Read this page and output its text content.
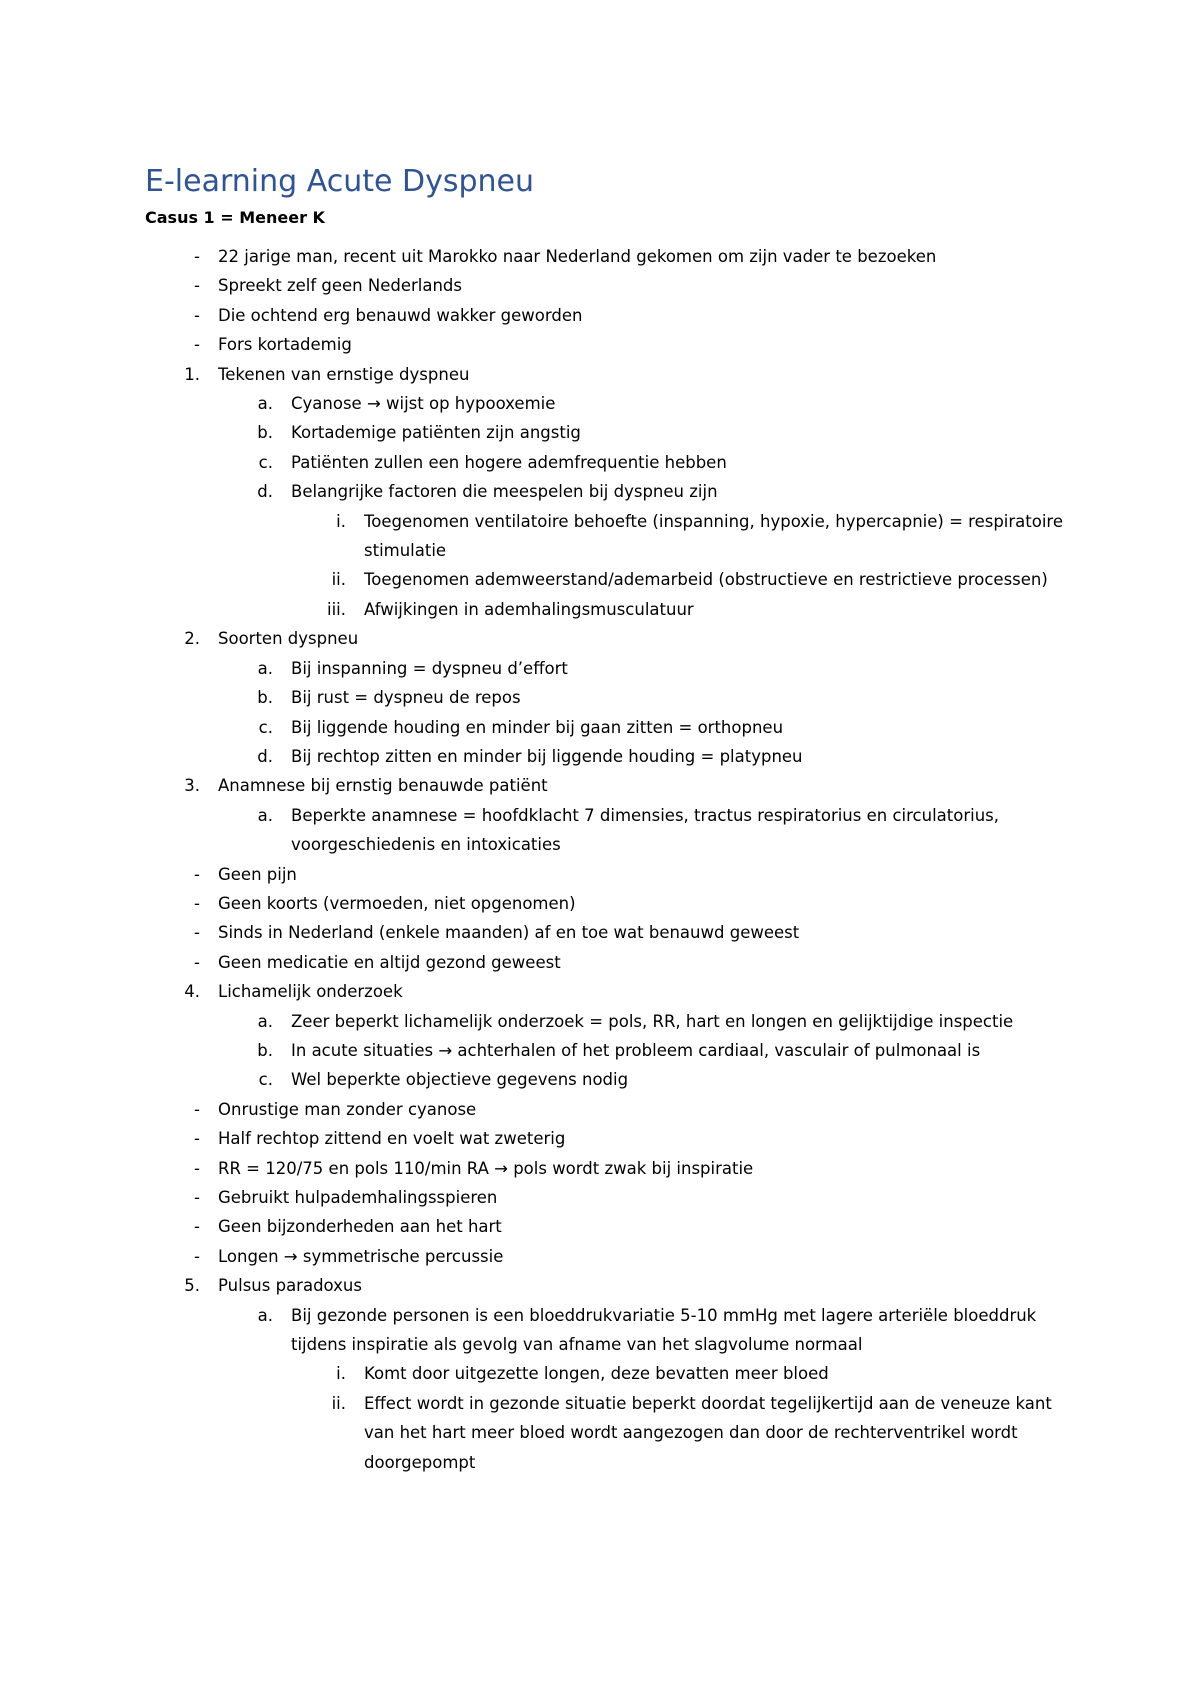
E-learning Acute Dyspneu
Casus 1 = Meneer K
-	22 jarige man, recent uit Marokko naar Nederland gekomen om zijn vader te bezoeken
-	Spreekt zelf geen Nederlands
-	Die ochtend erg benauwd wakker geworden
-	Fors kortademig
1.	Tekenen van ernstige dyspneu
a.	Cyanose → wijst op hypooxemie
b.	Kortademige patiënten zijn angstig
c.	Patiënten zullen een hogere ademfrequentie hebben
d.	Belangrijke factoren die meespelen bij dyspneu zijn
i.	Toegenomen ventilatoire behoefte (inspanning, hypoxie, hypercapnie) = respiratoire stimulatie
ii.	Toegenomen ademweerstand/ademarbeid (obstructieve en restrictieve processen)
iii.	Afwijkingen in ademhalingsmusculatuur
2.	Soorten dyspneu
a.	Bij inspanning = dyspneu d’effort
b.	Bij rust = dyspneu de repos
c.	Bij liggende houding en minder bij gaan zitten = orthopneu
d.	Bij rechtop zitten en minder bij liggende houding = platypneu
3.	Anamnese bij ernstig benauwde patiënt
a.	Beperkte anamnese = hoofdklacht 7 dimensies, tractus respiratorius en circulatorius, voorgeschiedenis en intoxicaties
-	Geen pijn
-	Geen koorts (vermoeden, niet opgenomen)
-	Sinds in Nederland (enkele maanden) af en toe wat benauwd geweest
-	Geen medicatie en altijd gezond geweest
4.	Lichamelijk onderzoek
a.	Zeer beperkt lichamelijk onderzoek = pols, RR, hart en longen en gelijktijdige inspectie
b.	In acute situaties → achterhalen of het probleem cardiaal, vasculair of pulmonaal is
c.	Wel beperkte objectieve gegevens nodig
-	Onrustige man zonder cyanose
-	Half rechtop zittend en voelt wat zweterig
-	RR = 120/75 en pols 110/min RA → pols wordt zwak bij inspiratie
-	Gebruikt hulpademhalingsspieren
-	Geen bijzonderheden aan het hart
-	Longen → symmetrische percussie
5.	Pulsus paradoxus
a.	Bij gezonde personen is een bloeddrukvariatie 5-10 mmHg met lagere arteriële bloeddruk tijdens inspiratie als gevolg van afname van het slagvolume normaal
i.	Komt door uitgezette longen, deze bevatten meer bloed
ii.	Effect wordt in gezonde situatie beperkt doordat tegelijkertijd aan de veneuze kant van het hart meer bloed wordt aangezogen dan door de rechterventrikel wordt doorgepompt
